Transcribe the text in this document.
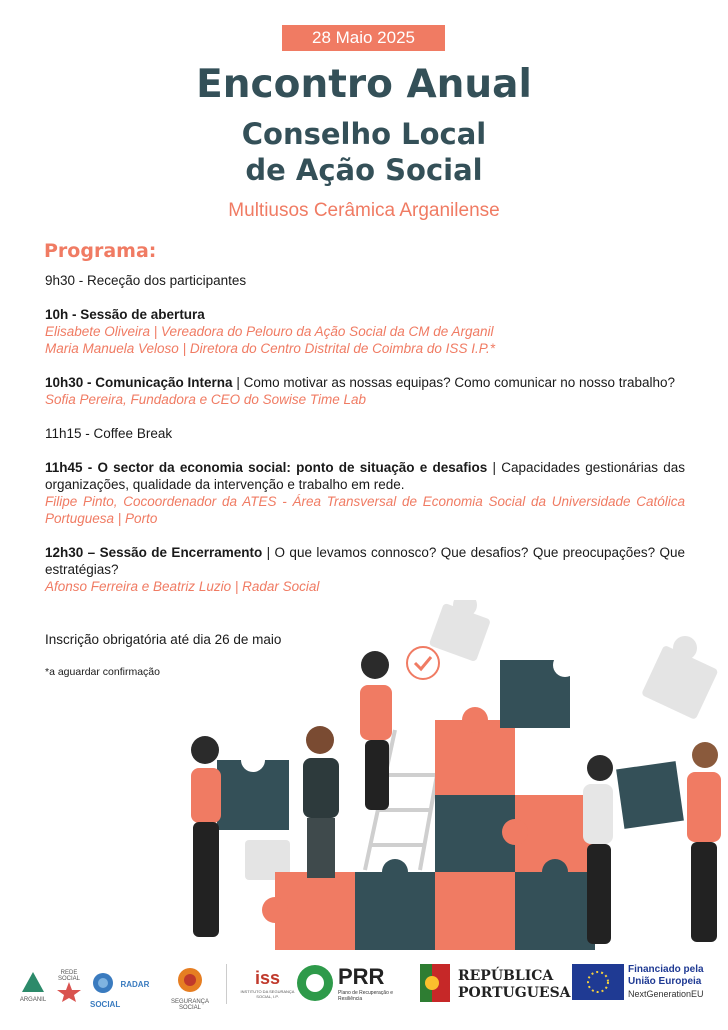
28 Maio 2025
Encontro Anual
Conselho Local
de Ação Social
Multiusos Cerâmica Arganilense
Programa:
9h30 - Receção dos participantes
10h - Sessão de abertura
Elisabete Oliveira | Vereadora do Pelouro da Ação Social da CM de Arganil
Maria Manuela Veloso | Diretora do Centro Distrital de Coimbra do ISS I.P.*
10h30 - Comunicação Interna | Como motivar as nossas equipas? Como comunicar no nosso trabalho?
Sofia Pereira, Fundadora e CEO do Sowise Time Lab
11h15 - Coffee Break
11h45 - O sector da economia social: ponto de situação e desafios | Capacidades gestionárias das organizações, qualidade da intervenção e trabalho em rede.
Filipe Pinto, Cocoordenador da ATES - Área Transversal de Economia Social da Universidade Católica Portuguesa | Porto
12h30 – Sessão de Encerramento | O que levamos connosco? Que desafios? Que preocupações? Que estratégias?
Afonso Ferreira e Beatriz Luzio | Radar Social
Inscrição obrigatória até dia 26 de maio
*a aguardar confirmação
ARGANIL
REDE SOCIAL
RADAR SOCIAL	SEGURANÇA SOCIAL
iss
INSTITUTO DA SEGURANÇA SOCIAL, I.P.
PRR
Plano de Recuperação e Resiliência
REPÚBLICA
PORTUGUESA
Financiado pela
União Europeia
NextGenerationEU
